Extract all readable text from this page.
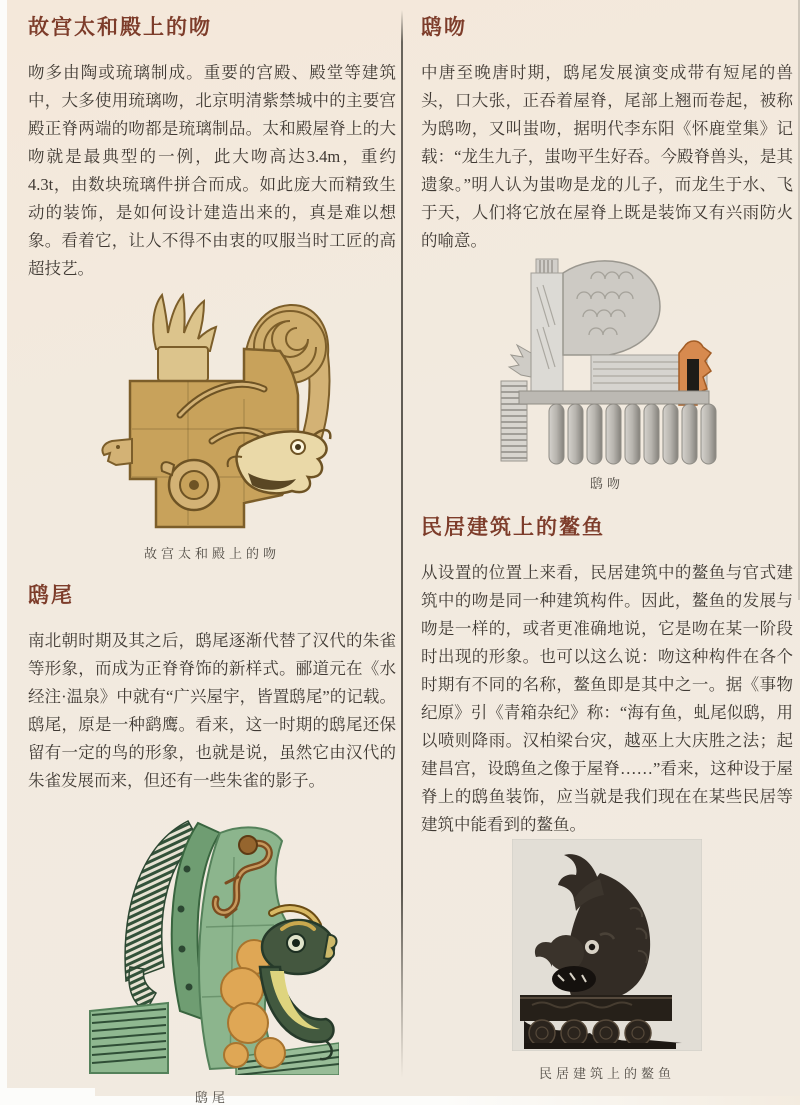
故宫太和殿上的吻

吻多由陶或琉璃制成。重要的宫殿、殿堂等建筑中，大多使用琉璃吻，北京明清紫禁城中的主要宫殿正脊两端的吻都是琉璃制品。太和殿屋脊上的大吻就是最典型的一例，此大吻高达3.4m，重约4.3t，由数块琉璃件拼合而成。如此庞大而精致生动的装饰，是如何设计建造出来的，真是难以想象。看着它，让人不得不由衷的叹服当时工匠的高超技艺。

故宫太和殿上的吻
鸱尾

南北朝时期及其之后，鸱尾逐渐代替了汉代的朱雀等形象，而成为正脊脊饰的新样式。郦道元在《水经注·温泉》中就有“广兴屋宇，皆置鸱尾”的记载。鸱尾，原是一种鹞鹰。看来，这一时期的鸱尾还保留有一定的鸟的形象，也就是说，虽然它由汉代的朱雀发展而来，但还有一些朱雀的影子。

鸱尾
鸱吻

中唐至晚唐时期，鸱尾发展演变成带有短尾的兽头，口大张，正吞着屋脊，尾部上翘而卷起，被称为鸱吻，又叫蚩吻，据明代李东阳《怀鹿堂集》记载：“龙生九子，蚩吻平生好吞。今殿脊兽头，是其遗象。”明人认为蚩吻是龙的儿子，而龙生于水、飞于天，人们将它放在屋脊上既是装饰又有兴雨防火的喻意。

鸱吻
民居建筑上的鳌鱼

从设置的位置上来看，民居建筑中的鳌鱼与官式建筑中的吻是同一种建筑构件。因此，鳌鱼的发展与吻是一样的，或者更准确地说，它是吻在某一阶段时出现的形象。也可以这么说：吻这种构件在各个时期有不同的名称，鳌鱼即是其中之一。据《事物纪原》引《青箱杂纪》称：“海有鱼，虬尾似鸱，用以喷则降雨。汉柏梁台灾，越巫上大庆胜之法；起建昌宫，设鸱鱼之像于屋脊……”看来，这种设于屋脊上的鸱鱼装饰，应当就是我们现在在某些民居等建筑中能看到的鳌鱼。

民居建筑上的鳌鱼
